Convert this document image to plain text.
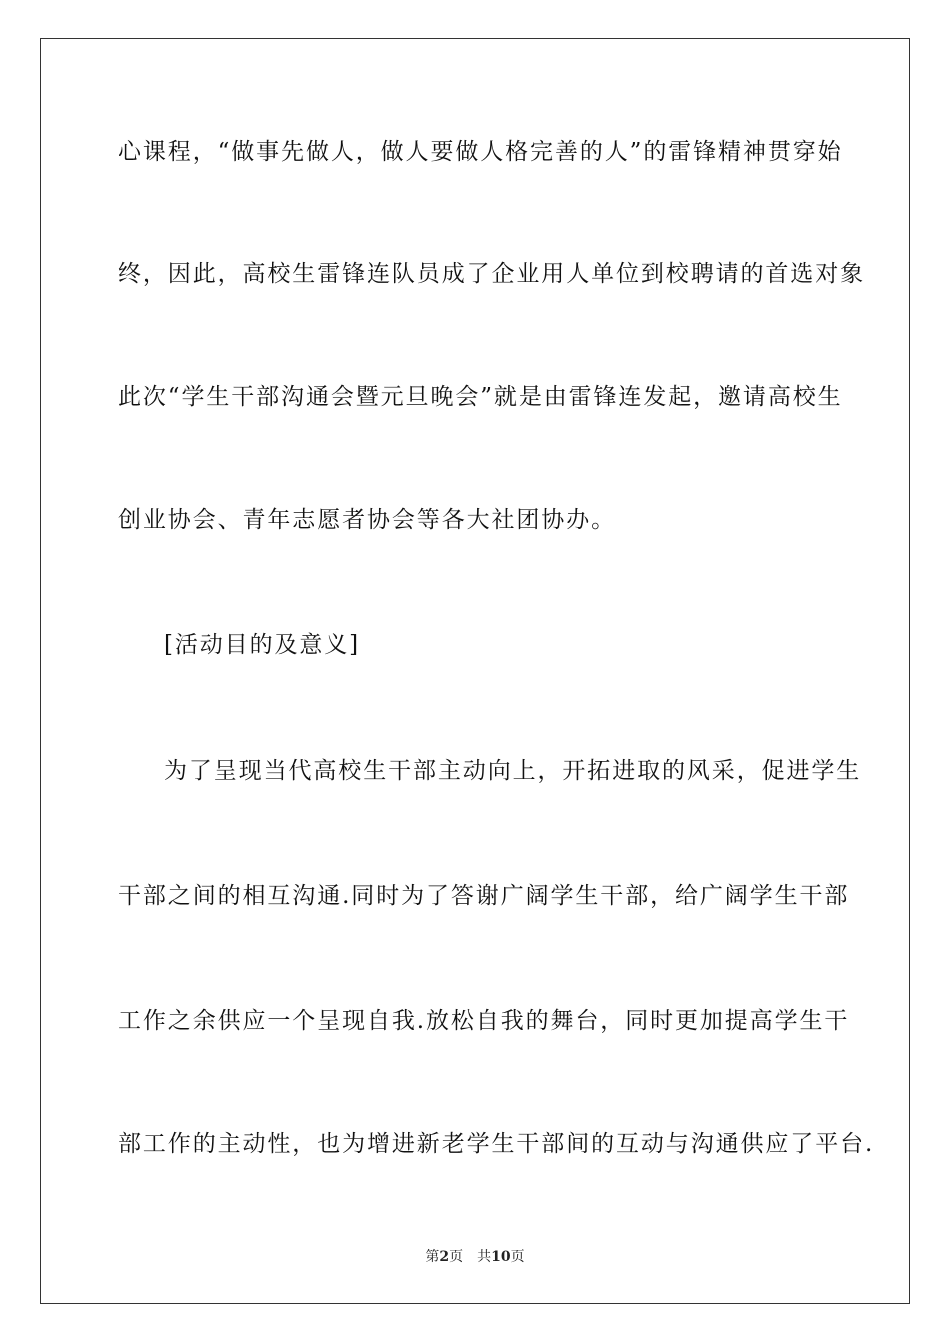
心课程，“做事先做人，做人要做人格完善的人”的雷锋精神贯穿始

终，因此，高校生雷锋连队员成了企业用人单位到校聘请的首选对象

此次“学生干部沟通会暨元旦晚会”就是由雷锋连发起，邀请高校生

创业协会、青年志愿者协会等各大社团协办。

[活动目的及意义]

为了呈现当代高校生干部主动向上，开拓进取的风采，促进学生

干部之间的相互沟通.同时为了答谢广阔学生干部，给广阔学生干部

工作之余供应一个呈现自我.放松自我的舞台，同时更加提高学生干

部工作的主动性，也为增进新老学生干部间的互动与沟通供应了平台.

第2页 共10页
